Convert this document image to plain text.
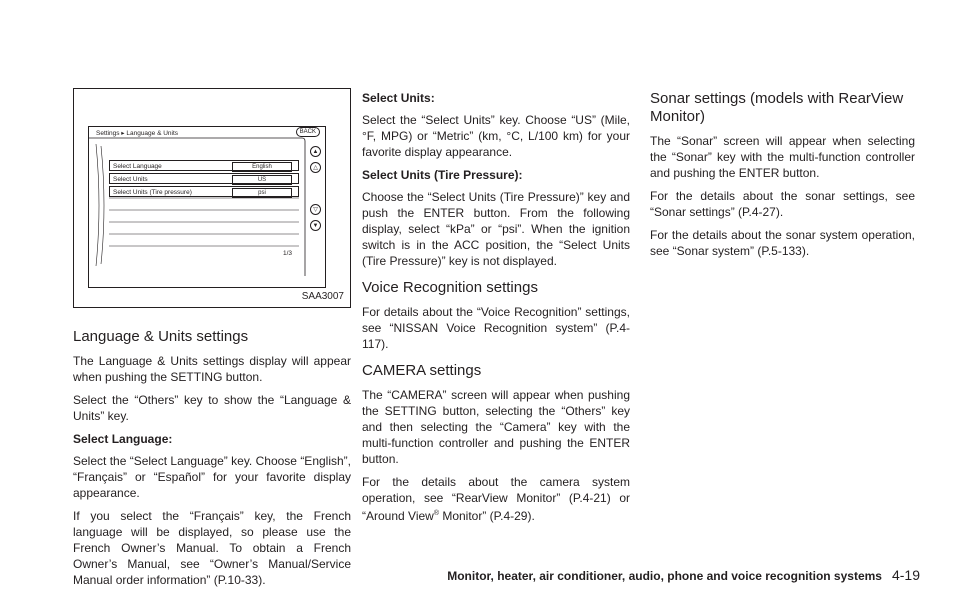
Settings ▸ Language & Units	BACK
Select Language	English
Select Units	US
Select Units (Tire pressure)	psi
1/3
▲
△
▽
▼
SAA3007
Language & Units settings

The Language & Units settings display will appear when pushing the SETTING button.

Select the “Others” key to show the “Language & Units” key.

Select Language:

Select the “Select Language” key. Choose “English”, “Français” or “Español” for your favorite display appearance.

If you select the “Français” key, the French language will be displayed, so please use the French Owner’s Manual. To obtain a French Owner’s Manual, see “Owner’s Manual/Service Manual order information” (P.10-33).

Select Units:

Select the “Select Units” key. Choose “US” (Mile, °F, MPG) or “Metric” (km, °C, L/100 km) for your favorite display appearance.

Select Units (Tire Pressure):

Choose the “Select Units (Tire Pressure)” key and push the ENTER button. From the following display, select “kPa” or “psi”. When the ignition switch is in the ACC position, the “Select Units (Tire Pressure)” key is not displayed.

Voice Recognition settings

For details about the “Voice Recognition” settings, see “NISSAN Voice Recognition system” (P.4-117).

CAMERA settings

The “CAMERA” screen will appear when pushing the SETTING button, selecting the “Others” key and then selecting the “Camera” key with the multi-function controller and pushing the ENTER button.

For the details about the camera system operation, see “RearView Monitor” (P.4-21) or “Around View® Monitor” (P.4-29).

Sonar settings (models with RearView Monitor)

The “Sonar” screen will appear when selecting the “Sonar” key with the multi-function controller and pushing the ENTER button.

For the details about the sonar settings, see “Sonar settings” (P.4-27).

For the details about the sonar system operation, see “Sonar system” (P.5-133).

Monitor, heater, air conditioner, audio, phone and voice recognition systems 4-19
